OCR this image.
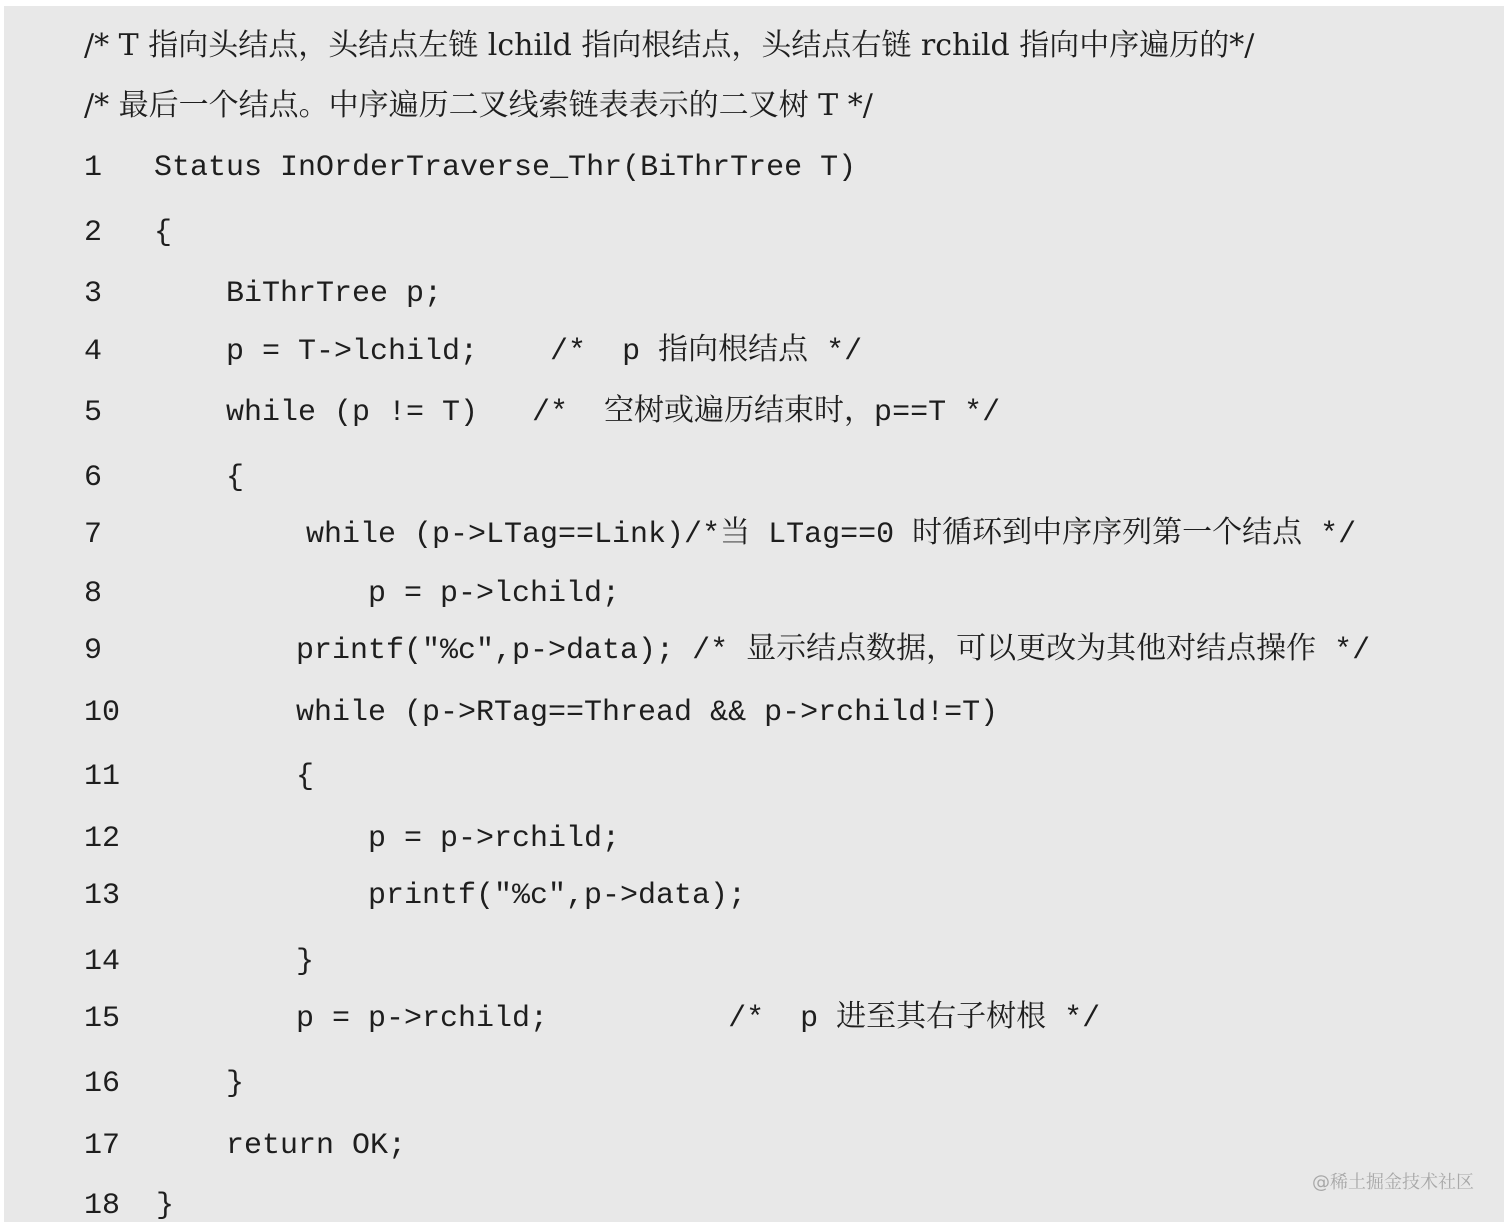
/* T 指向头结点，头结点左链 lchild 指向根结点，头结点右链 rchild 指向中序遍历的*/
/* 最后一个结点。中序遍历二叉线索链表表示的二叉树 T */
1 Status InOrderTraverse_Thr(BiThrTree T)
2 {
3	BiThrTree p;
4	p = T->lchild;    /*  p 指向根结点 */
5	while (p != T)   /*  空树或遍历结束时，p==T */
6	{
7	while (p->LTag==Link)/*当 LTag==0 时循环到中序序列第一个结点 */
8	p = p->lchild;
9	printf("%c",p->data); /* 显示结点数据，可以更改为其他对结点操作 */
10	while (p->RTag==Thread && p->rchild!=T)
11	{
12	p = p->rchild;
13	printf("%c",p->data);
14	}
15	p = p->rchild;          /*  p 进至其右子树根 */
16	}
17	return OK;
18 }
@稀土掘金技术社区
